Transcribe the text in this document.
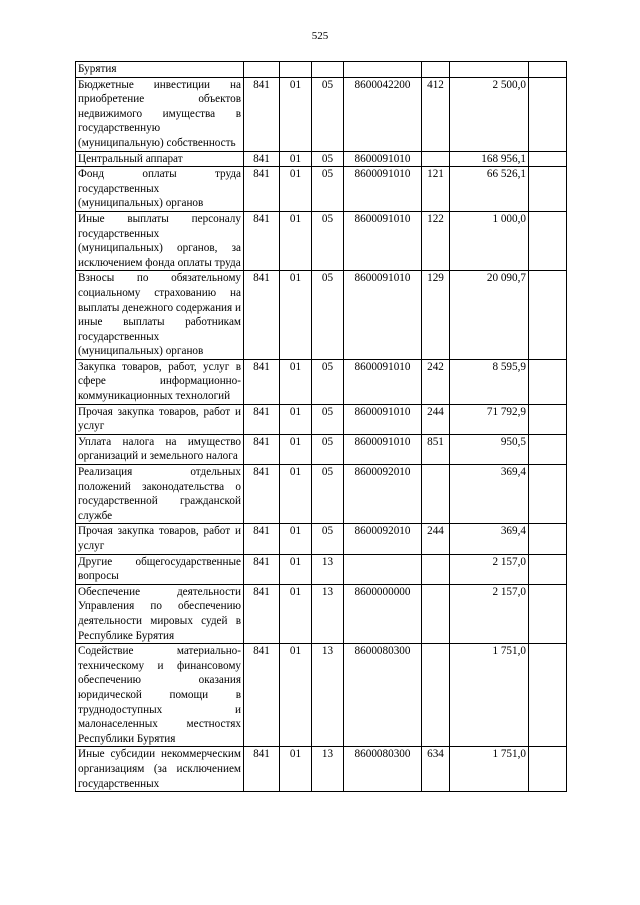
525
Бурятия							
Бюджетные инвестиции на приобретение объектов недвижимого имущества в государственную (муниципальную) собственность	841	01	05	8600042200	412	2 500,0	
Центральный аппарат	841	01	05	8600091010		168 956,1	
Фонд оплаты труда государственных (муниципальных) органов	841	01	05	8600091010	121	66 526,1	
Иные выплаты персоналу государственных (муниципальных) органов, за исключением фонда оплаты труда	841	01	05	8600091010	122	1 000,0	
Взносы по обязательному социальному страхованию на выплаты денежного содержания и иные выплаты работникам государственных (муниципальных) органов	841	01	05	8600091010	129	20 090,7	
Закупка товаров, работ, услуг в сфере информационно-коммуникационных технологий	841	01	05	8600091010	242	8 595,9	
Прочая закупка товаров, работ и услуг	841	01	05	8600091010	244	71 792,9	
Уплата налога на имущество организаций и земельного налога	841	01	05	8600091010	851	950,5	
Реализация отдельных положений законодательства о государственной гражданской службе	841	01	05	8600092010		369,4	
Прочая закупка товаров, работ и услуг	841	01	05	8600092010	244	369,4	
Другие общегосударственные вопросы	841	01	13			2 157,0	
Обеспечение деятельности Управления по обеспечению деятельности мировых судей в Республике Бурятия	841	01	13	8600000000		2 157,0	
Содействие материально-техническому и финансовому обеспечению оказания юридической помощи в труднодоступных и малонаселенных местностях Республики Бурятия	841	01	13	8600080300		1 751,0	
Иные субсидии некоммерческим организациям (за исключением государственных	841	01	13	8600080300	634	1 751,0	
